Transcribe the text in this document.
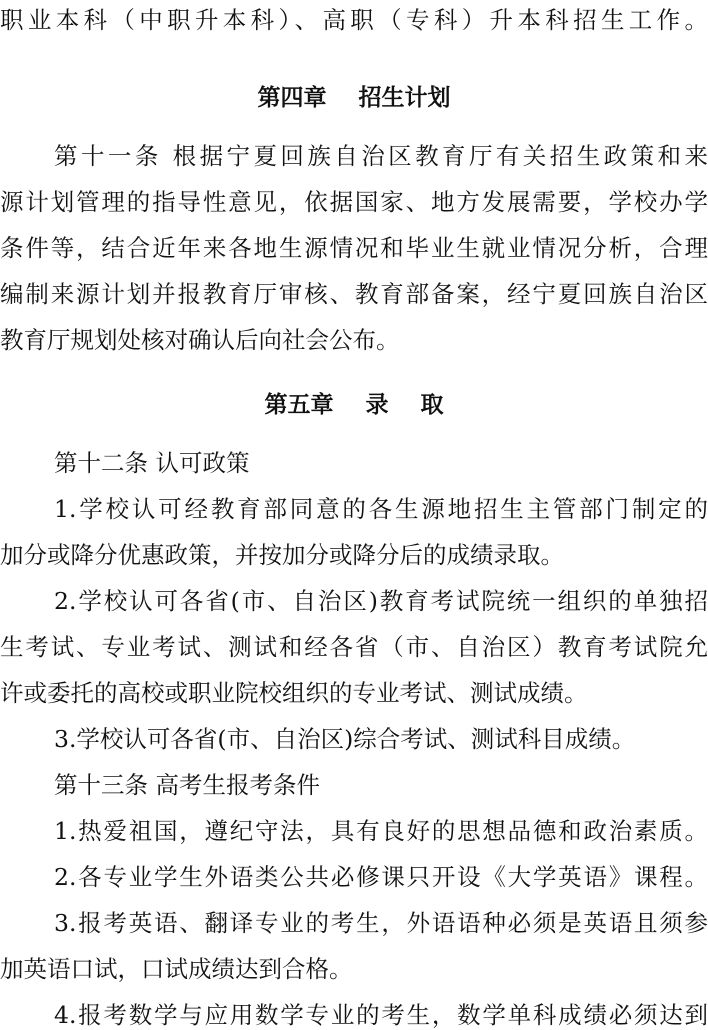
职业本科（中职升本科）、高职（专科）升本科招生工作。
第四章    招生计划
第十一条 根据宁夏回族自治区教育厅有关招生政策和来
源计划管理的指导性意见，依据国家、地方发展需要，学校办学
条件等，结合近年来各地生源情况和毕业生就业情况分析，合理
编制来源计划并报教育厅审核、教育部备案，经宁夏回族自治区
教育厅规划处核对确认后向社会公布。
第五章    录    取
第十二条 认可政策
1.学校认可经教育部同意的各生源地招生主管部门制定的
加分或降分优惠政策，并按加分或降分后的成绩录取。
2.学校认可各省(市、自治区)教育考试院统一组织的单独招
生考试、专业考试、测试和经各省（市、自治区）教育考试院允
许或委托的高校或职业院校组织的专业考试、测试成绩。
3.学校认可各省(市、自治区)综合考试、测试科目成绩。
第十三条 高考生报考条件
1.热爱祖国，遵纪守法，具有良好的思想品德和政治素质。
2.各专业学生外语类公共必修课只开设《大学英语》课程。
3.报考英语、翻译专业的考生，外语语种必须是英语且须参
加英语口试，口试成绩达到合格。
4.报考数学与应用数学专业的考生，数学单科成绩必须达到
